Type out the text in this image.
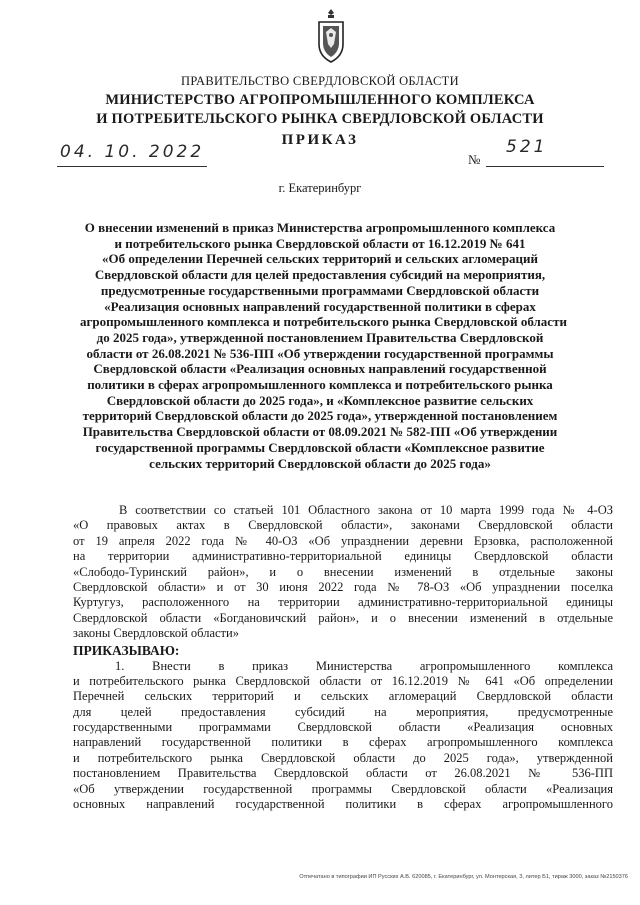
ПРАВИТЕЛЬСТВО СВЕРДЛОВСКОЙ ОБЛАСТИ
МИНИСТЕРСТВО АГРОПРОМЫШЛЕННОГО КОМПЛЕКСА
И ПОТРЕБИТЕЛЬСКОГО РЫНКА СВЕРДЛОВСКОЙ ОБЛАСТИ
ПРИКАЗ
04. 10. 2022	№
521
г. Екатеринбург
О внесении изменений в приказ Министерства агропромышленного комплекса
и потребительского рынка Свердловской области от 16.12.2019 № 641
«Об определении Перечней сельских территорий и сельских агломераций
Свердловской области для целей предоставления субсидий на мероприятия,
предусмотренные государственными программами Свердловской области
«Реализация основных направлений государственной политики в сферах
агропромышленного комплекса и потребительского рынка Свердловской области
до 2025 года», утвержденной постановлением Правительства Свердловской
области от 26.08.2021 № 536-ПП «Об утверждении государственной программы
Свердловской области «Реализация основных направлений государственной
политики в сферах агропромышленного комплекса и потребительского рынка
Свердловской области до 2025 года», и «Комплексное развитие сельских
территорий Свердловской области до 2025 года», утвержденной постановлением
Правительства Свердловской области от 08.09.2021 № 582-ПП «Об утверждении
государственной программы Свердловской области «Комплексное развитие
сельских территорий Свердловской области до 2025 года»
В соответствии со статьей 101 Областного закона от 10 марта 1999 года № 4-ОЗ
«О правовых актах в Свердловской области», законами Свердловской области
от 19 апреля 2022 года № 40-ОЗ «Об упразднении деревни Ерзовка, расположенной
на территории административно-территориальной единицы Свердловской области
«Слободо-Туринский район», и о внесении изменений в отдельные законы
Свердловской области» и от 30 июня 2022 года № 78-ОЗ «Об упразднении поселка
Куртугуз, расположенного на территории административно-территориальной единицы
Свердловской области «Богдановичский район», и о внесении изменений в отдельные
законы Свердловской области»
ПРИКАЗЫВАЮ:
1. Внести в приказ Министерства агропромышленного комплекса
и потребительского рынка Свердловской области от 16.12.2019 № 641 «Об определении
Перечней сельских территорий и сельских агломераций Свердловской области
для целей предоставления субсидий на мероприятия, предусмотренные
государственными программами Свердловской области «Реализация основных
направлений государственной политики в сферах агропромышленного комплекса
и потребительского рынка Свердловской области до 2025 года», утвержденной
постановлением Правительства Свердловской области от 26.08.2021 № 536-ПП
«Об утверждении государственной программы Свердловской области «Реализация
основных направлений государственной политики в сферах агропромышленного
Отпечатано в типографии ИП Русских А.В. 620085, г. Екатеринбург, ул. Монтерская, 3, литер Б1, тираж 3000, заказ №2150376
